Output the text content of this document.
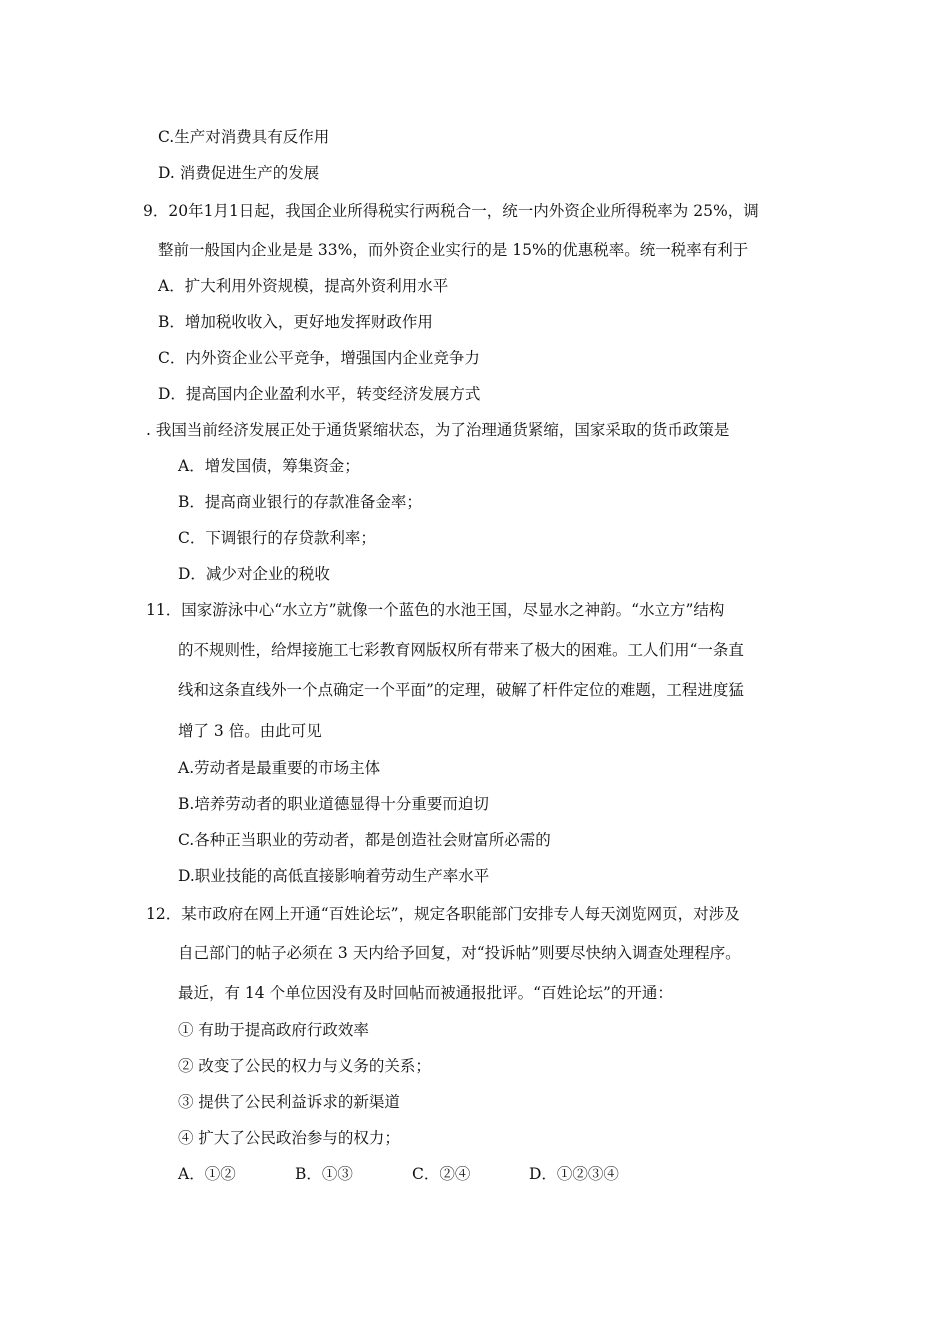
C.生产对消费具有反作用
D. 消费促进生产的发展
9．20年1月1日起，我国企业所得税实行两税合一，统一内外资企业所得税率为 25%，调
整前一般国内企业是是 33%，而外资企业实行的是 15%的优惠税率。统一税率有利于
A．扩大利用外资规模，提高外资利用水平
B．增加税收收入，更好地发挥财政作用
C．内外资企业公平竞争，增强国内企业竞争力
D．提高国内企业盈利水平，转变经济发展方式
. 我国当前经济发展正处于通货紧缩状态，为了治理通货紧缩，国家采取的货币政策是
A．增发国债，筹集资金；
B．提高商业银行的存款准备金率；
C．下调银行的存贷款利率；
D．减少对企业的税收
11．国家游泳中心“水立方”就像一个蓝色的水池王国，尽显水之神韵。“水立方”结构
的不规则性，给焊接施工七彩教育网版权所有带来了极大的困难。工人们用“一条直
线和这条直线外一个点确定一个平面”的定理，破解了杆件定位的难题，工程进度猛
增了 3 倍。由此可见
A.劳动者是最重要的市场主体
B.培养劳动者的职业道德显得十分重要而迫切
C.各种正当职业的劳动者，都是创造社会财富所必需的
D.职业技能的高低直接影响着劳动生产率水平
12．某市政府在网上开通“百姓论坛”，规定各职能部门安排专人每天浏览网页，对涉及
自己部门的帖子必须在 3 天内给予回复，对“投诉帖”则要尽快纳入调查处理程序。
最近，有 14 个单位因没有及时回帖而被通报批评。“百姓论坛”的开通：
① 有助于提高政府行政效率
② 改变了公民的权力与义务的关系；
③ 提供了公民利益诉求的新渠道
④ 扩大了公民政治参与的权力；
A．①②	B．①③	C．②④	D．①②③④
